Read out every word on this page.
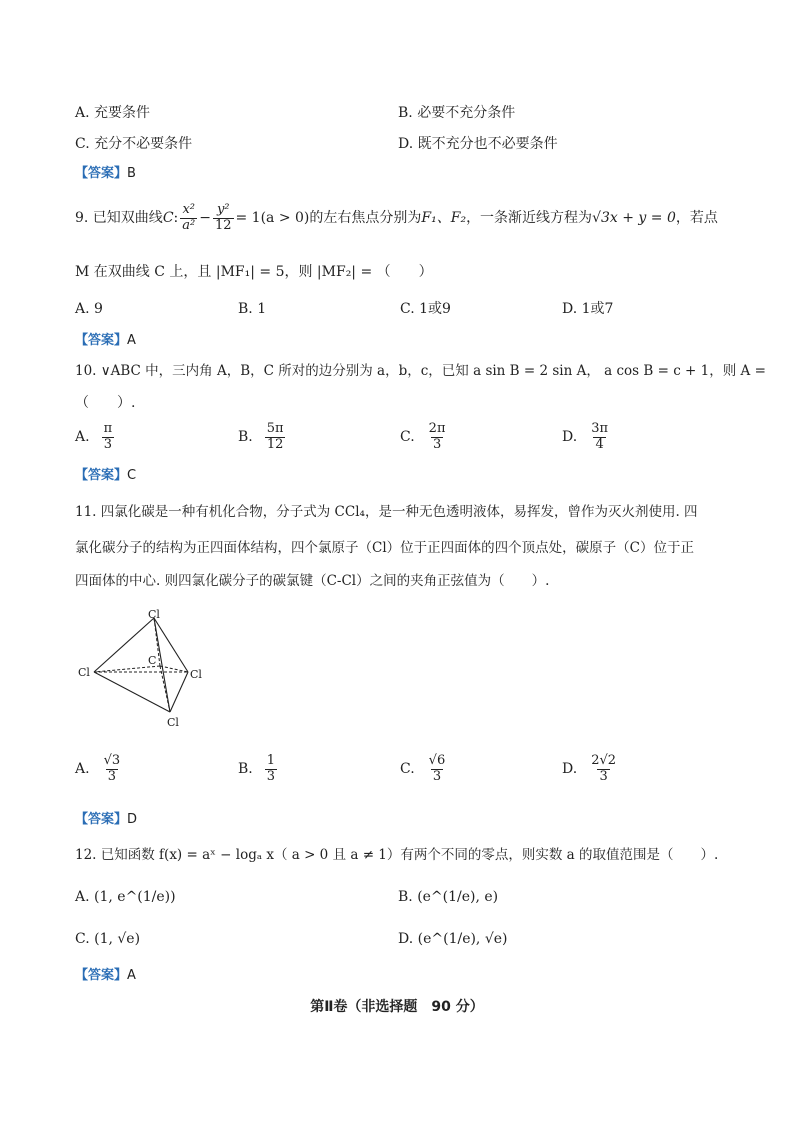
A. 充要条件	B. 必要不充分条件
C. 充分不必要条件	D. 既不充分也不必要条件
【答案】B
9. 已知双曲线 C : $\frac{\text{x²}}{\text{a²}} - \frac{\text{y²}}{12} = 1(a > 0)$ 的左右焦点分别为 F₁、F₂ ，一条渐近线方程为 √3x + y = 0 ，若点
M 在双曲线 C 上，且 |MF₁| = 5，则 |MF₂| = （　　）
A. 9	B. 1	C. 1或9	D. 1或7
【答案】A
10. ∨ABC 中，三内角 A，B，C 所对的边分别为 a，b，c，已知 a sin B = 2 sin A， a cos B = c + 1，则 A =
（　　）.
A. $\frac{\pi}{3}$	B. $\frac{5\pi}{12}$	C. $\frac{2\pi}{3}$	D. $\frac{3\pi}{4}$
【答案】C
11. 四氯化碳是一种有机化合物，分子式为 CCl₄，是一种无色透明液体，易挥发，曾作为灭火剂使用. 四
氯化碳分子的结构为正四面体结构，四个氯原子（Cl）位于正四面体的四个顶点处，碳原子（C）位于正
四面体的中心. 则四氯化碳分子的碳氯键（C-Cl）之间的夹角正弦值为（　　）.
Cl
Cl	Cl
Cl
C
A. $\frac{√3}{3}$	B. $\frac{1}{3}$	C. $\frac{√6}{3}$	D. $\frac{2√2}{3}$
【答案】D
12. 已知函数 f(x) = aˣ − logₐ x（ a > 0 且 a ≠ 1）有两个不同的零点，则实数 a 的取值范围是（　　）.
A. (1, e^(1/e))	B. (e^(1/e), e)
C. (1, √e)	D. (e^(1/e), √e)
【答案】A
第Ⅱ卷（非选择题　90 分）
